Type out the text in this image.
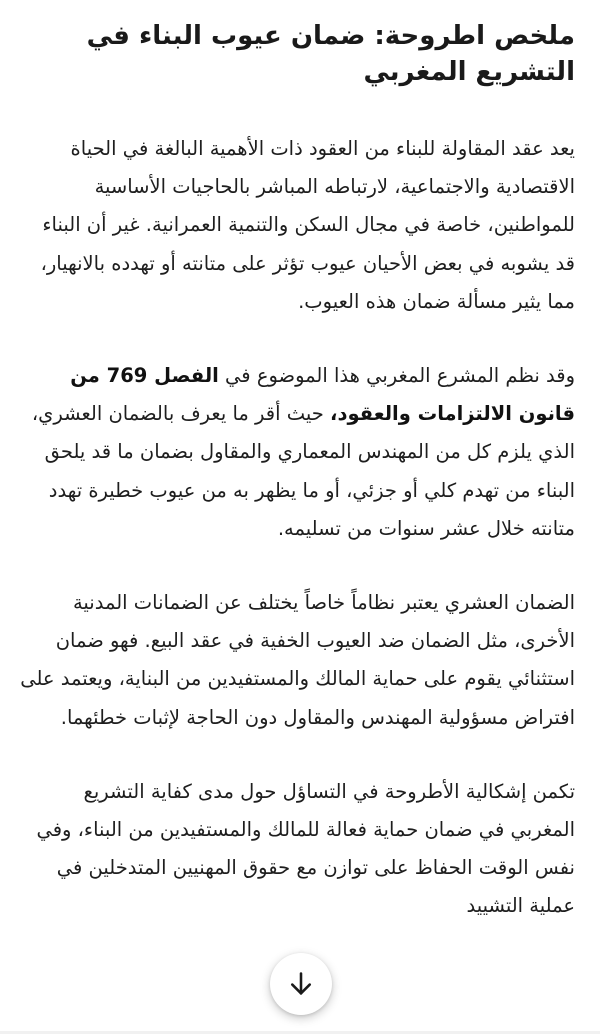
ملخص اطروحة: ضمان عيوب البناء في التشريع المغربي

يعد عقد المقاولة للبناء من العقود ذات الأهمية البالغة في الحياة الاقتصادية والاجتماعية، لارتباطه المباشر بالحاجيات الأساسية للمواطنين، خاصة في مجال السكن والتنمية العمرانية. غير أن البناء قد يشوبه في بعض الأحيان عيوب تؤثر على متانته أو تهدده بالانهيار، مما يثير مسألة ضمان هذه العيوب.

وقد نظم المشرع المغربي هذا الموضوع في الفصل 769 من قانون الالتزامات والعقود، حيث أقر ما يعرف بالضمان العشري، الذي يلزم كل من المهندس المعماري والمقاول بضمان ما قد يلحق البناء من تهدم كلي أو جزئي، أو ما يظهر به من عيوب خطيرة تهدد متانته خلال عشر سنوات من تسليمه.

الضمان العشري يعتبر نظاماً خاصاً يختلف عن الضمانات المدنية الأخرى، مثل الضمان ضد العيوب الخفية في عقد البيع. فهو ضمان استثنائي يقوم على حماية المالك والمستفيدين من البناية، ويعتمد على افتراض مسؤولية المهندس والمقاول دون الحاجة لإثبات خطئهما.

تكمن إشكالية الأطروحة في التساؤل حول مدى كفاية التشريع المغربي في ضمان حماية فعالة للمالك والمستفيدين من البناء، وفي نفس الوقت الحفاظ على توازن مع حقوق المهنيين المتدخلين في عملية التشييد
